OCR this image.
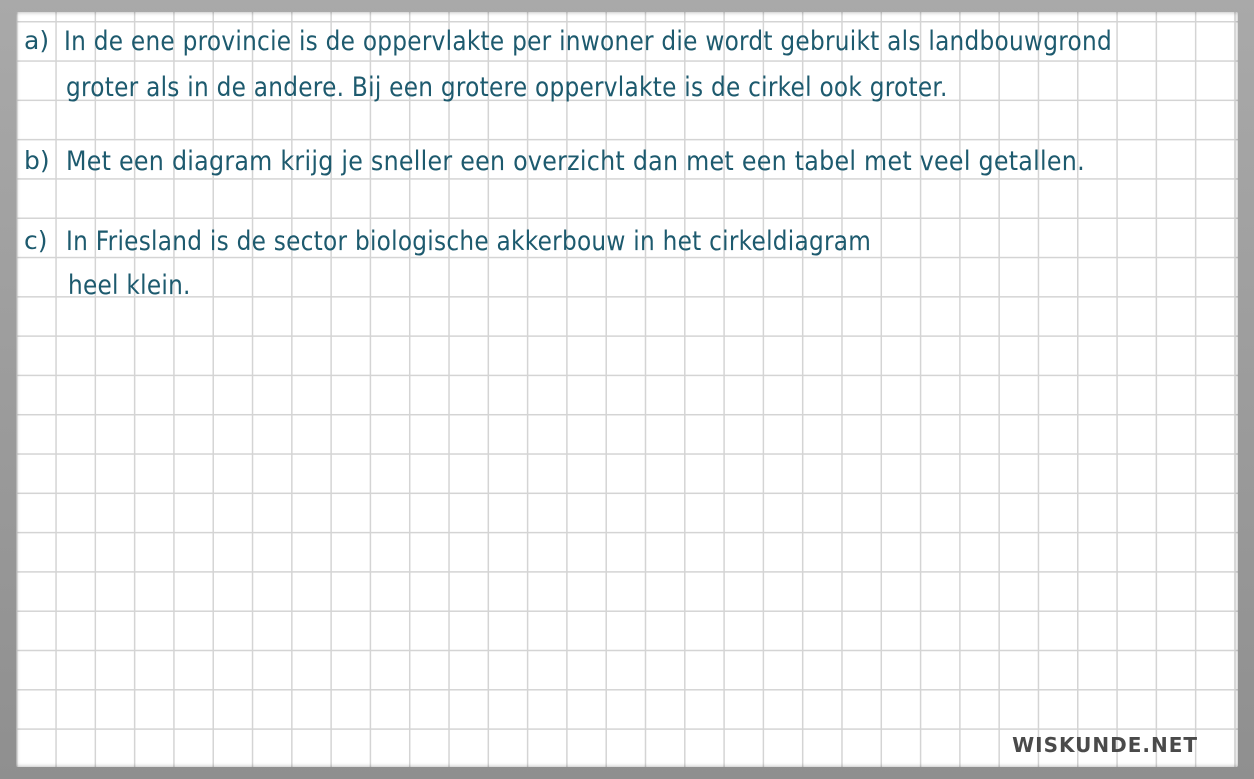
a) In de ene provincie is de oppervlakte per inwoner die wordt gebruikt als landbouwgrond
groter als in de andere. Bij een grotere oppervlakte is de cirkel ook groter.
b) Met een diagram krijg je sneller een overzicht dan met een tabel met veel getallen.
c) In Friesland is de sector biologische akkerbouw in het cirkeldiagram
heel klein.
WISKUNDE.NET
